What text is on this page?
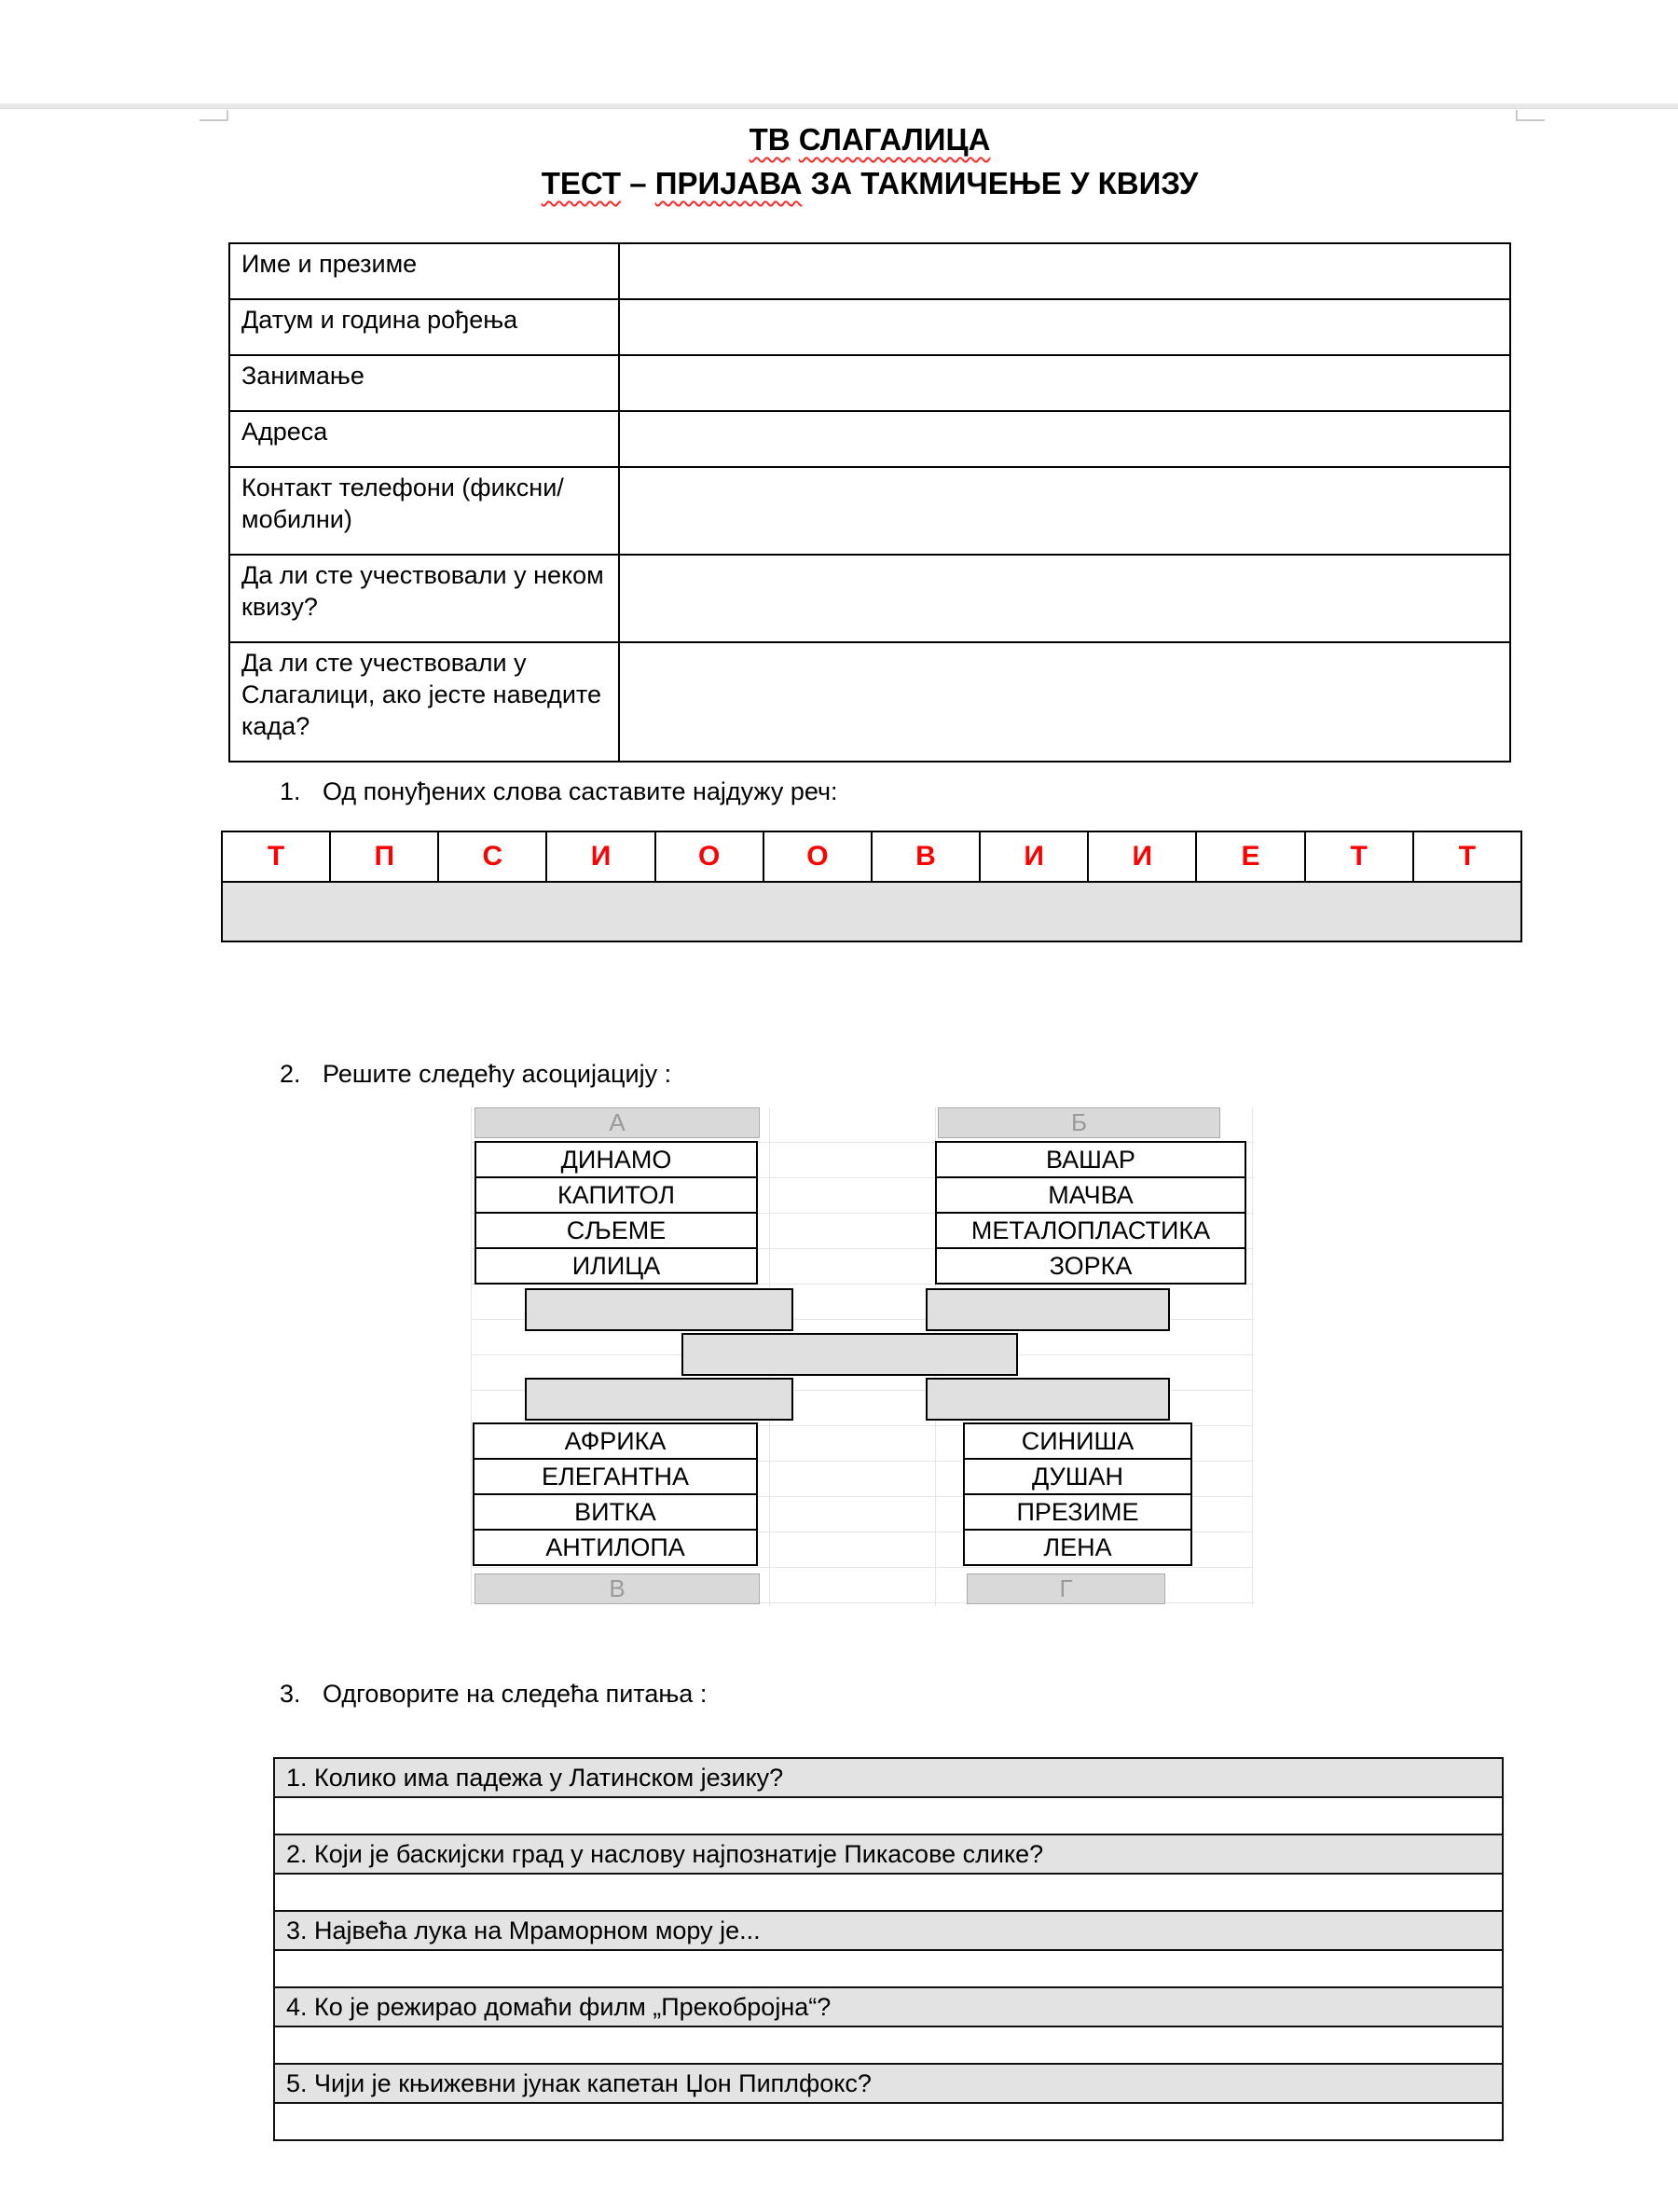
ТВ СЛАГАЛИЦА
ТЕСТ – ПРИЈАВА ЗА ТАКМИЧЕЊЕ У КВИЗУ
Име и презиме	
Датум и година рођења	
Занимање	
Адреса	
Контакт телефони (фиксни/мобилни)	
Да ли сте учествовали у неком квизу?	
Да ли сте учествовали у Слагалици, ако јесте наведите када?	
1. Од понуђених слова саставите најдужу реч:
Т	П	С	И	О	О	В	И	И	Е	Т	Т

2. Решите следећу асоцијацију :
А	Б
ДИНАМО
КАПИТОЛ
СЉЕМЕ
ИЛИЦА
ВАШАР
МАЧВА
МЕТАЛОПЛАСТИКА
ЗОРКА
АФРИКА
ЕЛЕГАНТНА
ВИТКА
АНТИЛОПА
СИНИША
ДУШАН
ПРЕЗИМЕ
ЛЕНА
В	Г
3. Одговорите на следећа питања :
1. Колико има падежа у Латинском језику?

2. Који је баскијски град у наслову најпознатије Пикасове слике?

3. Највећа лука на Мраморном мору је...

4. Ко је режирао домаћи филм „Прекобројна“?

5. Чији је књижевни јунак капетан Џон Пиплфокс?
